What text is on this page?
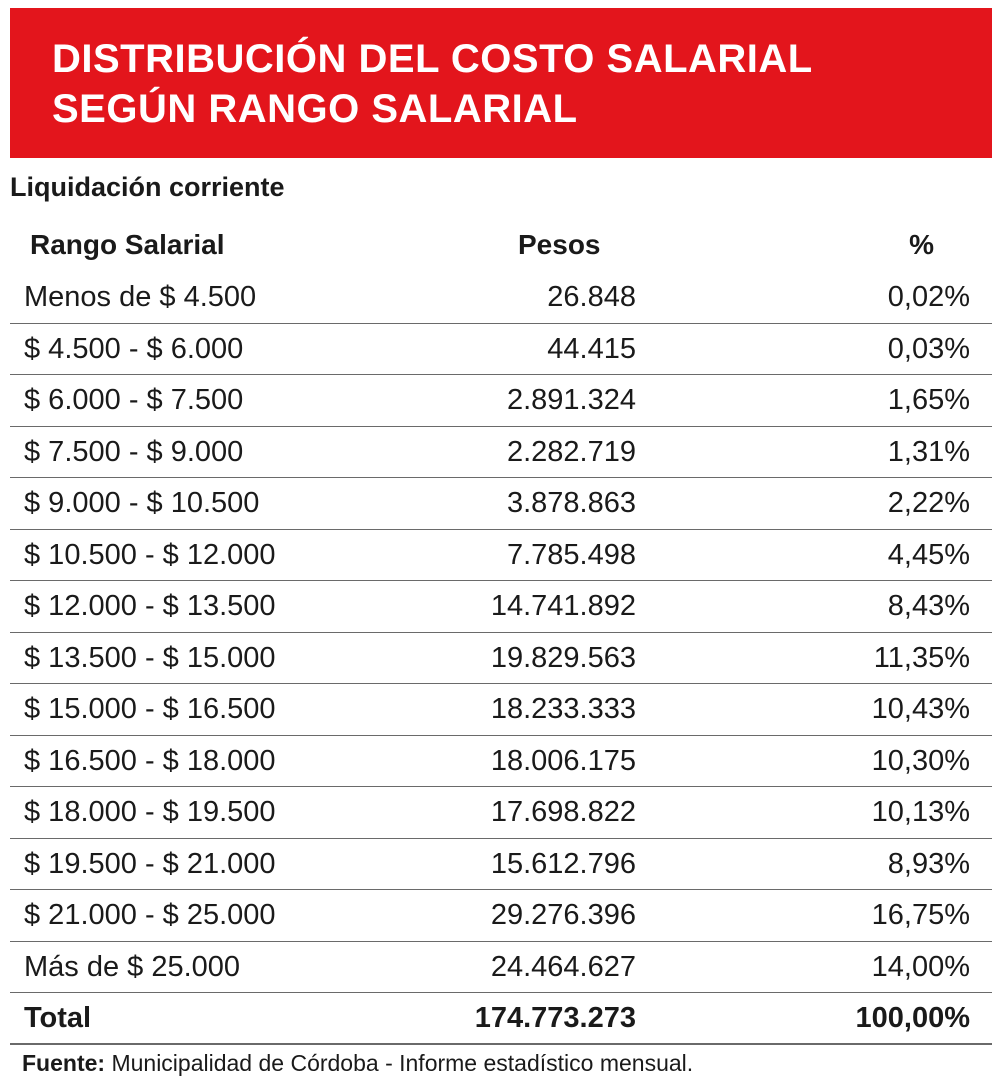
DISTRIBUCIÓN DEL COSTO SALARIAL
SEGÚN RANGO SALARIAL
Liquidación corriente
Rango Salarial	Pesos	%
Menos de $ 4.500	26.848	0,02%
$ 4.500 - $ 6.000	44.415	0,03%
$ 6.000 - $ 7.500	2.891.324	1,65%
$ 7.500 - $ 9.000	2.282.719	1,31%
$ 9.000 - $ 10.500	3.878.863	2,22%
$ 10.500 - $ 12.000	7.785.498	4,45%
$ 12.000 - $ 13.500	14.741.892	8,43%
$ 13.500 - $ 15.000	19.829.563	11,35%
$ 15.000 - $ 16.500	18.233.333	10,43%
$ 16.500 - $ 18.000	18.006.175	10,30%
$ 18.000 - $ 19.500	17.698.822	10,13%
$ 19.500 - $ 21.000	15.612.796	8,93%
$ 21.000 - $ 25.000	29.276.396	16,75%
Más de $ 25.000	24.464.627	14,00%
Total	174.773.273	100,00%
Fuente: Municipalidad de Córdoba - Informe estadístico mensual.
